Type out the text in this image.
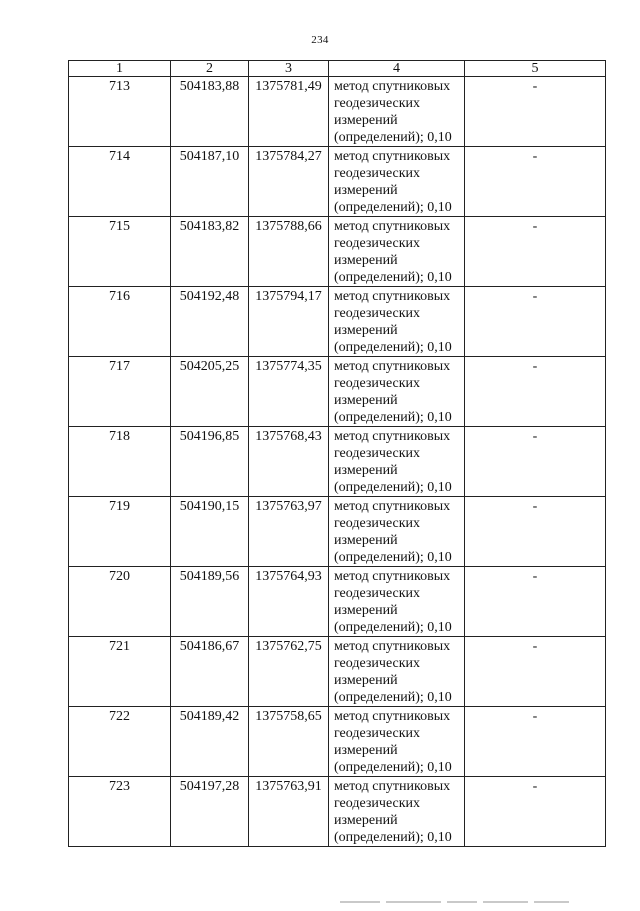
234
1	2	3	4	5
713	504183,88	1375781,49	метод спутниковых геодезических измерений (определений); 0,10	-
714	504187,10	1375784,27	метод спутниковых геодезических измерений (определений); 0,10	-
715	504183,82	1375788,66	метод спутниковых геодезических измерений (определений); 0,10	-
716	504192,48	1375794,17	метод спутниковых геодезических измерений (определений); 0,10	-
717	504205,25	1375774,35	метод спутниковых геодезических измерений (определений); 0,10	-
718	504196,85	1375768,43	метод спутниковых геодезических измерений (определений); 0,10	-
719	504190,15	1375763,97	метод спутниковых геодезических измерений (определений); 0,10	-
720	504189,56	1375764,93	метод спутниковых геодезических измерений (определений); 0,10	-
721	504186,67	1375762,75	метод спутниковых геодезических измерений (определений); 0,10	-
722	504189,42	1375758,65	метод спутниковых геодезических измерений (определений); 0,10	-
723	504197,28	1375763,91	метод спутниковых геодезических измерений (определений); 0,10	-
